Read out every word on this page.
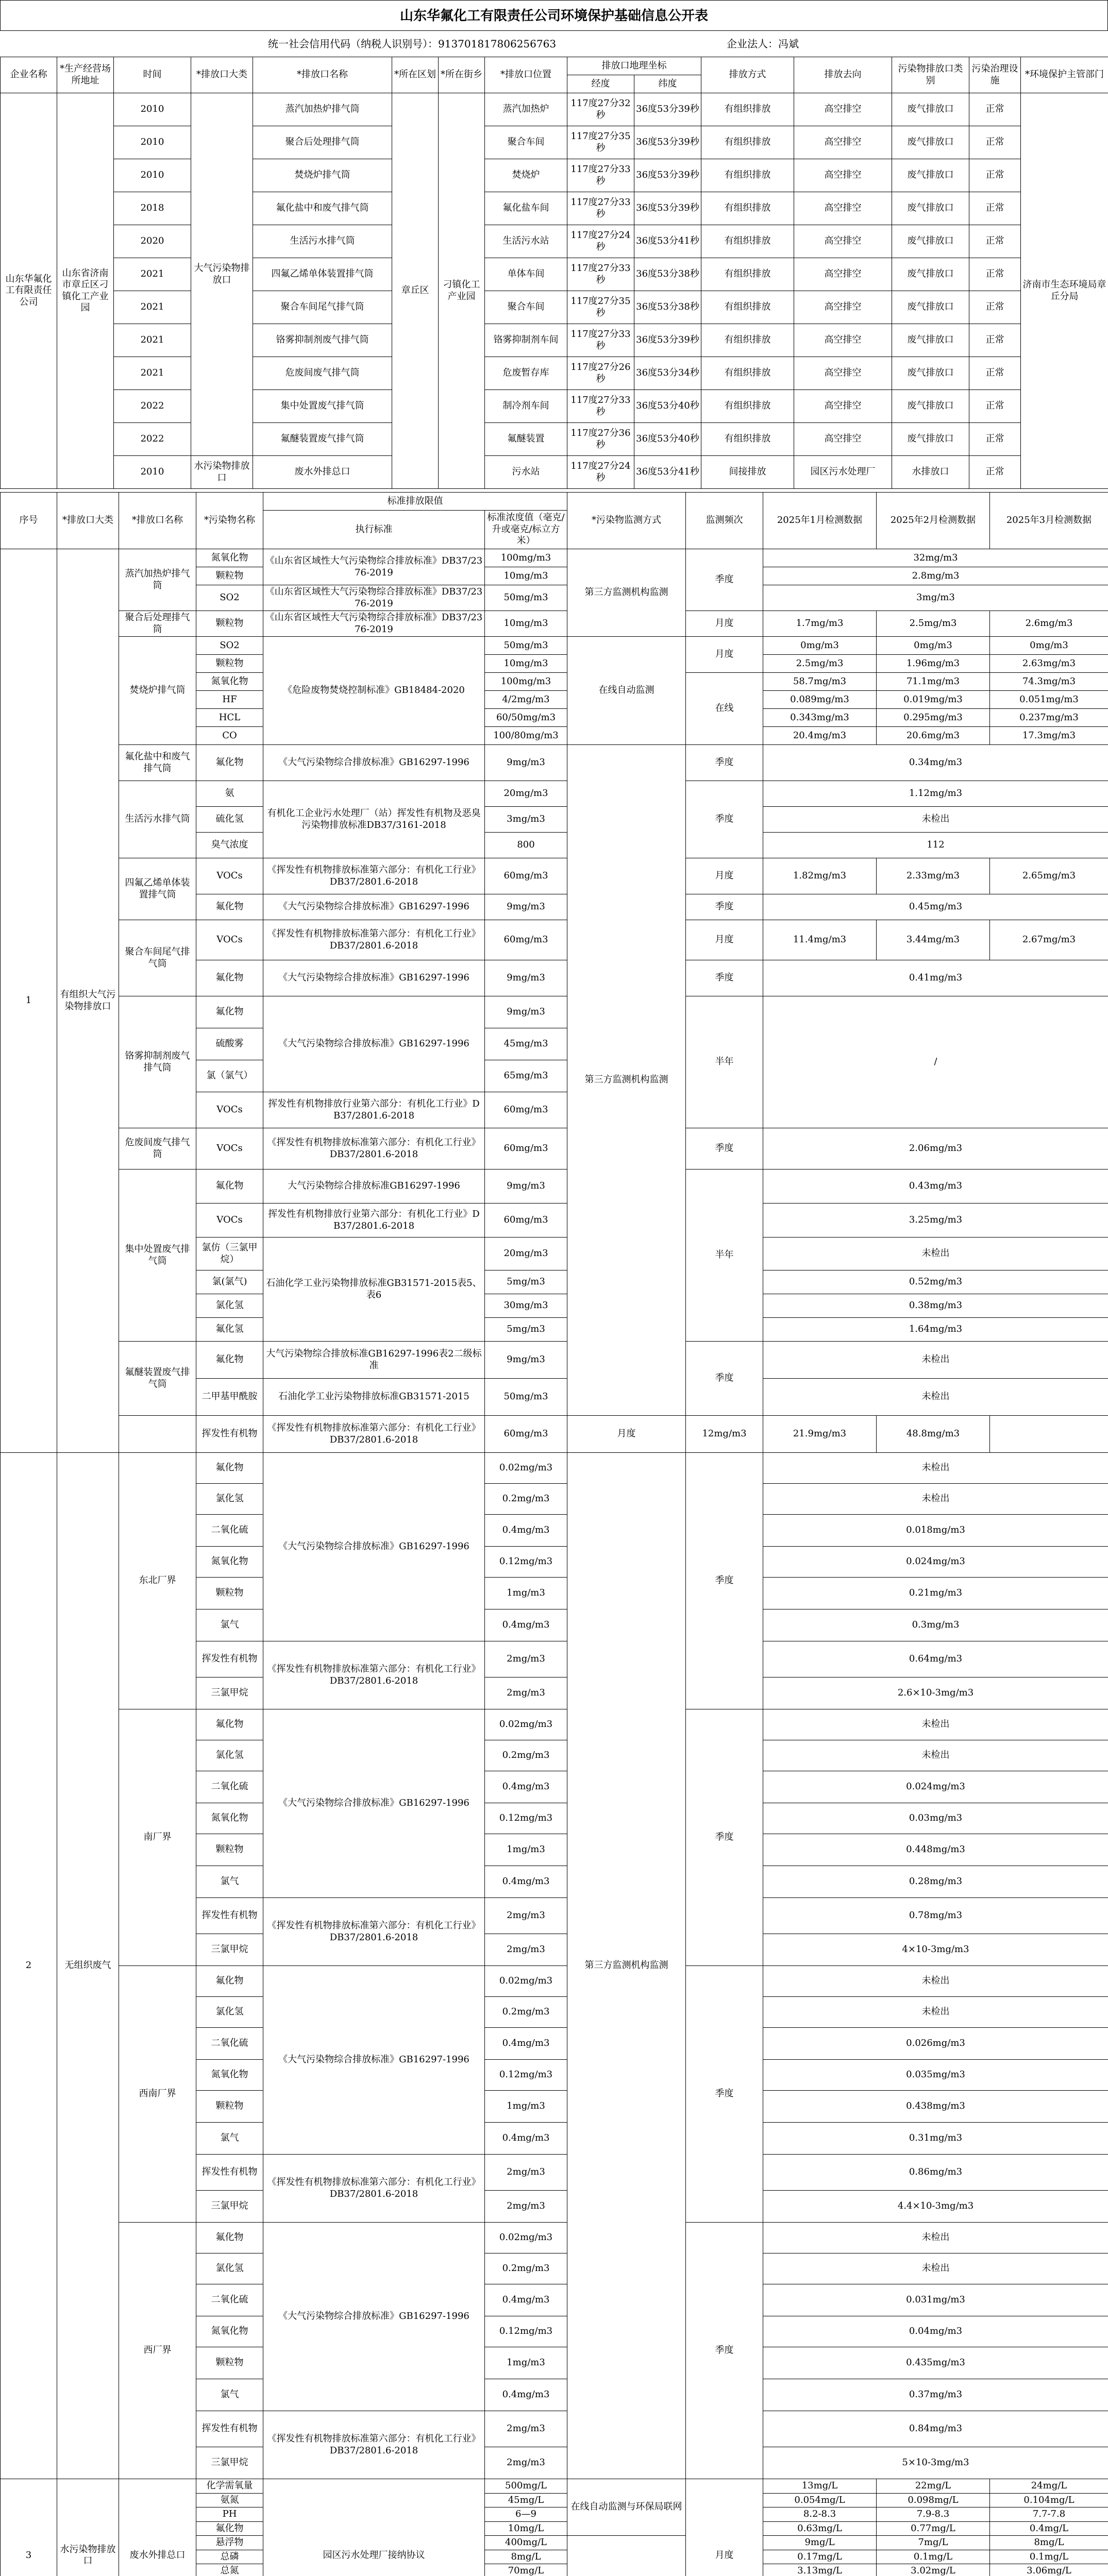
山东华氟化工有限责任公司环境保护基础信息公开表
统一社会信用代码（纳税人识别号）：913701817806256763	企业法人：冯斌
企业名称	*生产经营场所地址	时间	*排放口大类	*排放口名称	*所在区划	*所在街乡	*排放口位置	排放口地理坐标	排放方式	排放去向	污染物排放口类别	污染治理设施	*环境保护主管部门
经度	纬度
山东华氟化工有限责任公司	山东省济南市章丘区刁镇化工产业园	2010	大气污染物排放口	蒸汽加热炉排气筒	章丘区	刁镇化工产业园	蒸汽加热炉	117度27分32秒	36度53分39秒	有组织排放	高空排空	废气排放口	正常	济南市生态环境局章丘分局
2010	聚合后处理排气筒	聚合车间	117度27分35秒	36度53分39秒	有组织排放	高空排空	废气排放口	正常
2010	焚烧炉排气筒	焚烧炉	117度27分33秒	36度53分39秒	有组织排放	高空排空	废气排放口	正常
2018	氟化盐中和废气排气筒	氟化盐车间	117度27分33秒	36度53分39秒	有组织排放	高空排空	废气排放口	正常
2020	生活污水排气筒	生活污水站	117度27分24秒	36度53分41秒	有组织排放	高空排空	废气排放口	正常
2021	四氟乙烯单体装置排气筒	单体车间	117度27分33秒	36度53分38秒	有组织排放	高空排空	废气排放口	正常
2021	聚合车间尾气排气筒	聚合车间	117度27分35秒	36度53分38秒	有组织排放	高空排空	废气排放口	正常
2021	铬雾抑制剂废气排气筒	铬雾抑制剂车间	117度27分33秒	36度53分39秒	有组织排放	高空排空	废气排放口	正常
2021	危废间废气排气筒	危废暂存库	117度27分26秒	36度53分34秒	有组织排放	高空排空	废气排放口	正常
2022	集中处置废气排气筒	制冷剂车间	117度27分33秒	36度53分40秒	有组织排放	高空排空	废气排放口	正常
2022	氟醚装置废气排气筒	氟醚装置	117度27分36秒	36度53分40秒	有组织排放	高空排空	废气排放口	正常
2010	水污染物排放口	废水外排总口	污水站	117度27分24秒	36度53分41秒	间接排放	园区污水处理厂	水排放口	正常
序号	*排放口大类	*排放口名称	*污染物名称	标准排放限值	*污染物监测方式	监测频次	2025年1月检测数据	2025年2月检测数据	2025年3月检测数据
执行标准	标准浓度值（毫克/升或毫克/标立方米）
1	有组织大气污染物排放口	蒸汽加热炉排气筒	氮氧化物	《山东省区域性大气污染物综合排放标准》DB37/2376-2019	100mg/m3	第三方监测机构监测	季度	32mg/m3
颗粒物	10mg/m3	2.8mg/m3
SO2	《山东省区域性大气污染物综合排放标准》DB37/2376-2019	50mg/m3	3mg/m3
聚合后处理排气筒	颗粒物	《山东省区域性大气污染物综合排放标准》DB37/2376-2019	10mg/m3	月度	1.7mg/m3	2.5mg/m3	2.6mg/m3
焚烧炉排气筒	SO2	《危险废物焚烧控制标准》GB18484-2020	50mg/m3	在线自动监测	月度	0mg/m3	0mg/m3	0mg/m3
颗粒物	10mg/m3	2.5mg/m3	1.96mg/m3	2.63mg/m3
氮氧化物	100mg/m3	在线	58.7mg/m3	71.1mg/m3	74.3mg/m3
HF	4/2mg/m3	0.089mg/m3	0.019mg/m3	0.051mg/m3
HCL	60/50mg/m3	0.343mg/m3	0.295mg/m3	0.237mg/m3
CO	100/80mg/m3	20.4mg/m3	20.6mg/m3	17.3mg/m3
氟化盐中和废气排气筒	氟化物	《大气污染物综合排放标准》GB16297-1996	9mg/m3	第三方监测机构监测	季度	0.34mg/m3
生活污水排气筒	氨	有机化工企业污水处理厂（站）挥发性有机物及恶臭污染物排放标准DB37/3161-2018	20mg/m3	季度	1.12mg/m3
硫化氢	3mg/m3	未检出
臭气浓度	800	112
四氟乙烯单体装置排气筒	VOCs	《挥发性有机物排放标准第六部分：有机化工行业》DB37/2801.6-2018	60mg/m3	月度	1.82mg/m3	2.33mg/m3	2.65mg/m3
氟化物	《大气污染物综合排放标准》GB16297-1996	9mg/m3	季度	0.45mg/m3
聚合车间尾气排气筒	VOCs	《挥发性有机物排放标准第六部分：有机化工行业》DB37/2801.6-2018	60mg/m3	月度	11.4mg/m3	3.44mg/m3	2.67mg/m3
氟化物	《大气污染物综合排放标准》GB16297-1996	9mg/m3	季度	0.41mg/m3
铬雾抑制剂废气排气筒	氟化物	《大气污染物综合排放标准》GB16297-1996	9mg/m3	半年	/
硫酸雾	45mg/m3
氯（氯气）	65mg/m3
VOCs	挥发性有机物排放行业第六部分：有机化工行业》DB37/2801.6-2018	60mg/m3
危废间废气排气筒	VOCs	《挥发性有机物排放标准第六部分：有机化工行业》DB37/2801.6-2018	60mg/m3	季度	2.06mg/m3
集中处置废气排气筒	氟化物	大气污染物综合排放标准GB16297-1996	9mg/m3	半年	0.43mg/m3
VOCs	挥发性有机物排放行业第六部分：有机化工行业》DB37/2801.6-2018	60mg/m3	3.25mg/m3
氯仿（三氯甲烷）	石油化学工业污染物排放标准GB31571-2015表5、表6	20mg/m3	未检出
氯(氯气)	5mg/m3	0.52mg/m3
氯化氢	30mg/m3	0.38mg/m3
氟化氢	5mg/m3	1.64mg/m3
氟醚装置废气排气筒	氟化物	大气污染物综合排放标准GB16297-1996表2二级标准	9mg/m3	季度	未检出
二甲基甲酰胺	石油化学工业污染物排放标准GB31571-2015	50mg/m3	未检出
	挥发性有机物	《挥发性有机物排放标准第六部分：有机化工行业》DB37/2801.6-2018	60mg/m3	月度	12mg/m3	21.9mg/m3	48.8mg/m3
2	无组织废气	东北厂界	氟化物	《大气污染物综合排放标准》GB16297-1996	0.02mg/m3	第三方监测机构监测	季度	未检出
氯化氢	0.2mg/m3	未检出
二氧化硫	0.4mg/m3	0.018mg/m3
氮氧化物	0.12mg/m3	0.024mg/m3
颗粒物	1mg/m3	0.21mg/m3
氯气	0.4mg/m3	0.3mg/m3
挥发性有机物	《挥发性有机物排放标准第六部分：有机化工行业》DB37/2801.6-2018	2mg/m3	0.64mg/m3
三氯甲烷	2mg/m3	2.6×10-3mg/m3
南厂界	氟化物	《大气污染物综合排放标准》GB16297-1996	0.02mg/m3	季度	未检出
氯化氢	0.2mg/m3	未检出
二氧化硫	0.4mg/m3	0.024mg/m3
氮氧化物	0.12mg/m3	0.03mg/m3
颗粒物	1mg/m3	0.448mg/m3
氯气	0.4mg/m3	0.28mg/m3
挥发性有机物	《挥发性有机物排放标准第六部分：有机化工行业》DB37/2801.6-2018	2mg/m3	0.78mg/m3
三氯甲烷	2mg/m3	4×10-3mg/m3
西南厂界	氟化物	《大气污染物综合排放标准》GB16297-1996	0.02mg/m3	季度	未检出
氯化氢	0.2mg/m3	未检出
二氧化硫	0.4mg/m3	0.026mg/m3
氮氧化物	0.12mg/m3	0.035mg/m3
颗粒物	1mg/m3	0.438mg/m3
氯气	0.4mg/m3	0.31mg/m3
挥发性有机物	《挥发性有机物排放标准第六部分：有机化工行业》DB37/2801.6-2018	2mg/m3	0.86mg/m3
三氯甲烷	2mg/m3	4.4×10-3mg/m3
西厂界	氟化物	《大气污染物综合排放标准》GB16297-1996	0.02mg/m3	季度	未检出
氯化氢	0.2mg/m3	未检出
二氧化硫	0.4mg/m3	0.031mg/m3
氮氧化物	0.12mg/m3	0.04mg/m3
颗粒物	1mg/m3	0.435mg/m3
氯气	0.4mg/m3	0.37mg/m3
挥发性有机物	《挥发性有机物排放标准第六部分：有机化工行业》DB37/2801.6-2018	2mg/m3	0.84mg/m3
三氯甲烷	2mg/m3	5×10-3mg/m3
3	水污染物排放口	废水外排总口	化学需氧量	园区污水处理厂接纳协议	500mg/L	在线自动监测与环保局联网	月度	13mg/L	22mg/L	24mg/L
氨氮	45mg/L	0.054mg/L	0.098mg/L	0.104mg/L
PH	6—9	8.2-8.3	7.9-8.3	7.7-7.8
氟化物	10mg/L	0.63mg/L	0.77mg/L	0.4mg/L
悬浮物	400mg/L		9mg/L	7mg/L	8mg/L
总磷	8mg/L	0.17mg/L	0.1mg/L	0.1mg/L
总氮	70mg/L	3.13mg/L	3.02mg/L	3.06mg/L
